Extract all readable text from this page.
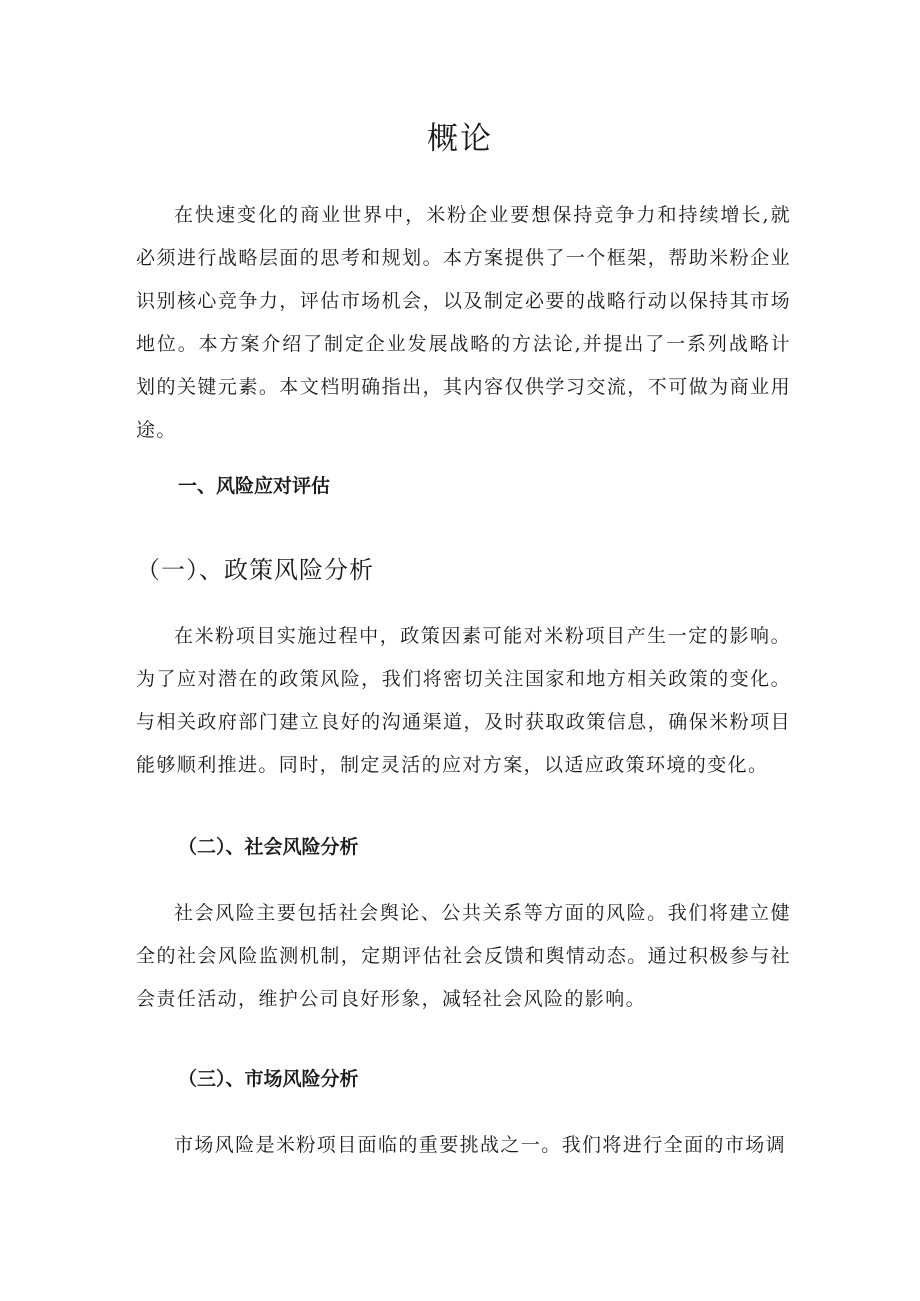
概论

在快速变化的商业世界中，米粉企业要想保持竞争力和持续增长,就必须进行战略层面的思考和规划。本方案提供了一个框架，帮助米粉企业识别核心竞争力，评估市场机会，以及制定必要的战略行动以保持其市场地位。本方案介绍了制定企业发展战略的方法论,并提出了一系列战略计划的关键元素。本文档明确指出，其内容仅供学习交流，不可做为商业用途。

一、风险应对评估
（一）、政策风险分析

在米粉项目实施过程中，政策因素可能对米粉项目产生一定的影响。为了应对潜在的政策风险，我们将密切关注国家和地方相关政策的变化。与相关政府部门建立良好的沟通渠道，及时获取政策信息，确保米粉项目能够顺利推进。同时，制定灵活的应对方案，以适应政策环境的变化。

（二）、社会风险分析

社会风险主要包括社会舆论、公共关系等方面的风险。我们将建立健全的社会风险监测机制，定期评估社会反馈和舆情动态。通过积极参与社会责任活动，维护公司良好形象，减轻社会风险的影响。

（三）、市场风险分析

市场风险是米粉项目面临的重要挑战之一。我们将进行全面的市场调
